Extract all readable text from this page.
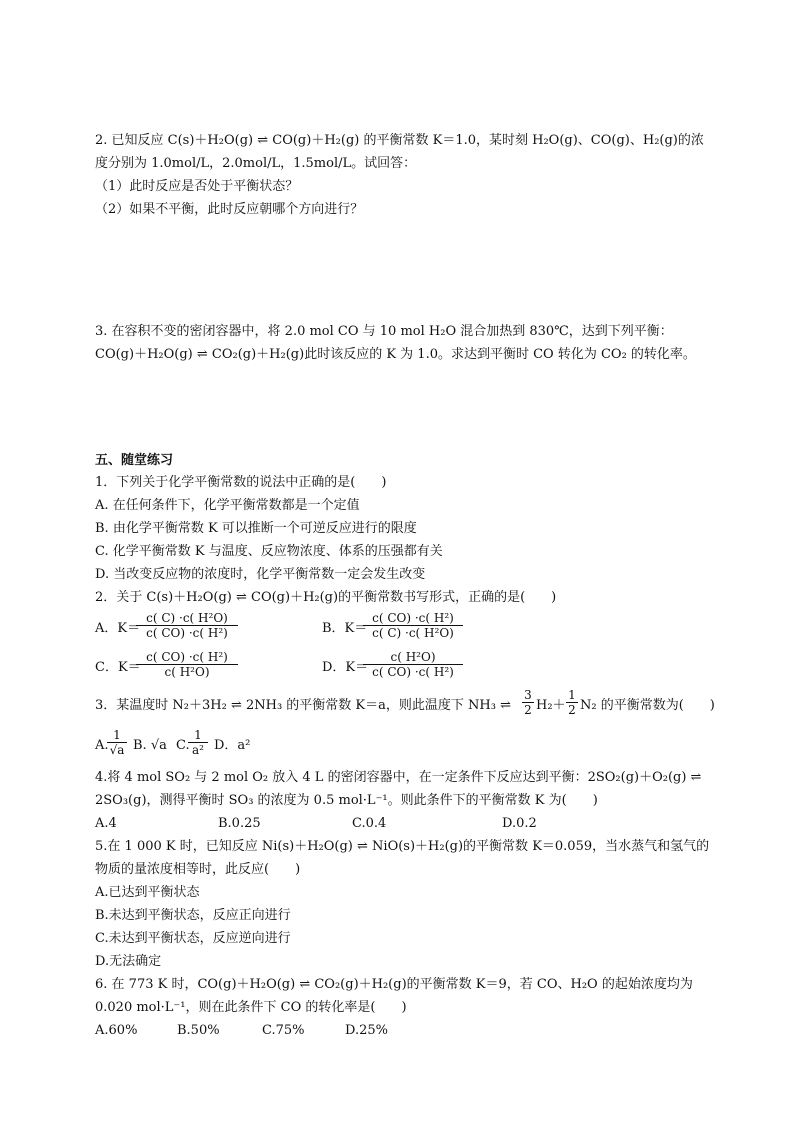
2. 已知反应 C(s)＋H₂O(g) ⇌ CO(g)＋H₂(g) 的平衡常数 K＝1.0，某时刻 H₂O(g)、CO(g)、H₂(g)的浓
度分别为 1.0mol/L，2.0mol/L，1.5mol/L。试回答：
（1）此时反应是否处于平衡状态？
（2）如果不平衡，此时反应朝哪个方向进行？
3. 在容积不变的密闭容器中，将 2.0 mol CO 与 10 mol H₂O 混合加热到 830℃，达到下列平衡：
CO(g)＋H₂O(g) ⇌ CO₂(g)＋H₂(g)此时该反应的 K 为 1.0。求达到平衡时 CO 转化为 CO₂ 的转化率。
五、随堂练习
1．下列关于化学平衡常数的说法中正确的是(　　)
A. 在任何条件下，化学平衡常数都是一个定值
B. 由化学平衡常数 K 可以推断一个可逆反应进行的限度
C. 化学平衡常数 K 与温度、反应物浓度、体系的压强都有关
D. 当改变反应物的浓度时，化学平衡常数一定会发生改变
2．关于 C(s)＋H₂O(g) ⇌ CO(g)＋H₂(g)的平衡常数书写形式，正确的是(　　)
A．K＝
$\frac{\text{c( C) ·c( H²O)}}{\text{c( CO) ·c( H²)}}$	B．K＝
$\frac{\text{c( CO) ·c( H²)}}{\text{c( C) ·c( H²O)}}$
C．K＝
$\frac{\text{c( CO) ·c( H²)}}{\text{c( H²O)}}$	D．K＝
$\frac{\text{c( H²O)}}{\text{c( CO) ·c( H²)}}$
3．某温度时 N₂＋3H₂ ⇌ 2NH₃ 的平衡常数 K＝a，则此温度下 NH₃ ⇌ $\frac{3}{2} H_2+ \frac{1}{2} N_2$ 的平衡常数为(　　)
A.
$\frac{1}{√a} B$. √a C.
$\frac{1}{\text{a²}}$ D．a²
4.将 4 mol SO₂ 与 2 mol O₂ 放入 4 L 的密闭容器中，在一定条件下反应达到平衡：2SO₂(g)＋O₂(g) ⇌
2SO₃(g)，测得平衡时 SO₃ 的浓度为 0.5 mol·L⁻¹。则此条件下的平衡常数 K 为(　　)
A.4	B.0.25	C.0.4	D.0.2
5.在 1 000 K 时，已知反应 Ni(s)＋H₂O(g) ⇌ NiO(s)＋H₂(g)的平衡常数 K＝0.059，当水蒸气和氢气的
物质的量浓度相等时，此反应(　　)
A.已达到平衡状态
B.未达到平衡状态，反应正向进行
C.未达到平衡状态，反应逆向进行
D.无法确定
6. 在 773 K 时，CO(g)＋H₂O(g) ⇌ CO₂(g)＋H₂(g)的平衡常数 K＝9，若 CO、H₂O 的起始浓度均为
0.020 mol·L⁻¹，则在此条件下 CO 的转化率是(　　)
A.60%	B.50%	C.75%	D.25%
